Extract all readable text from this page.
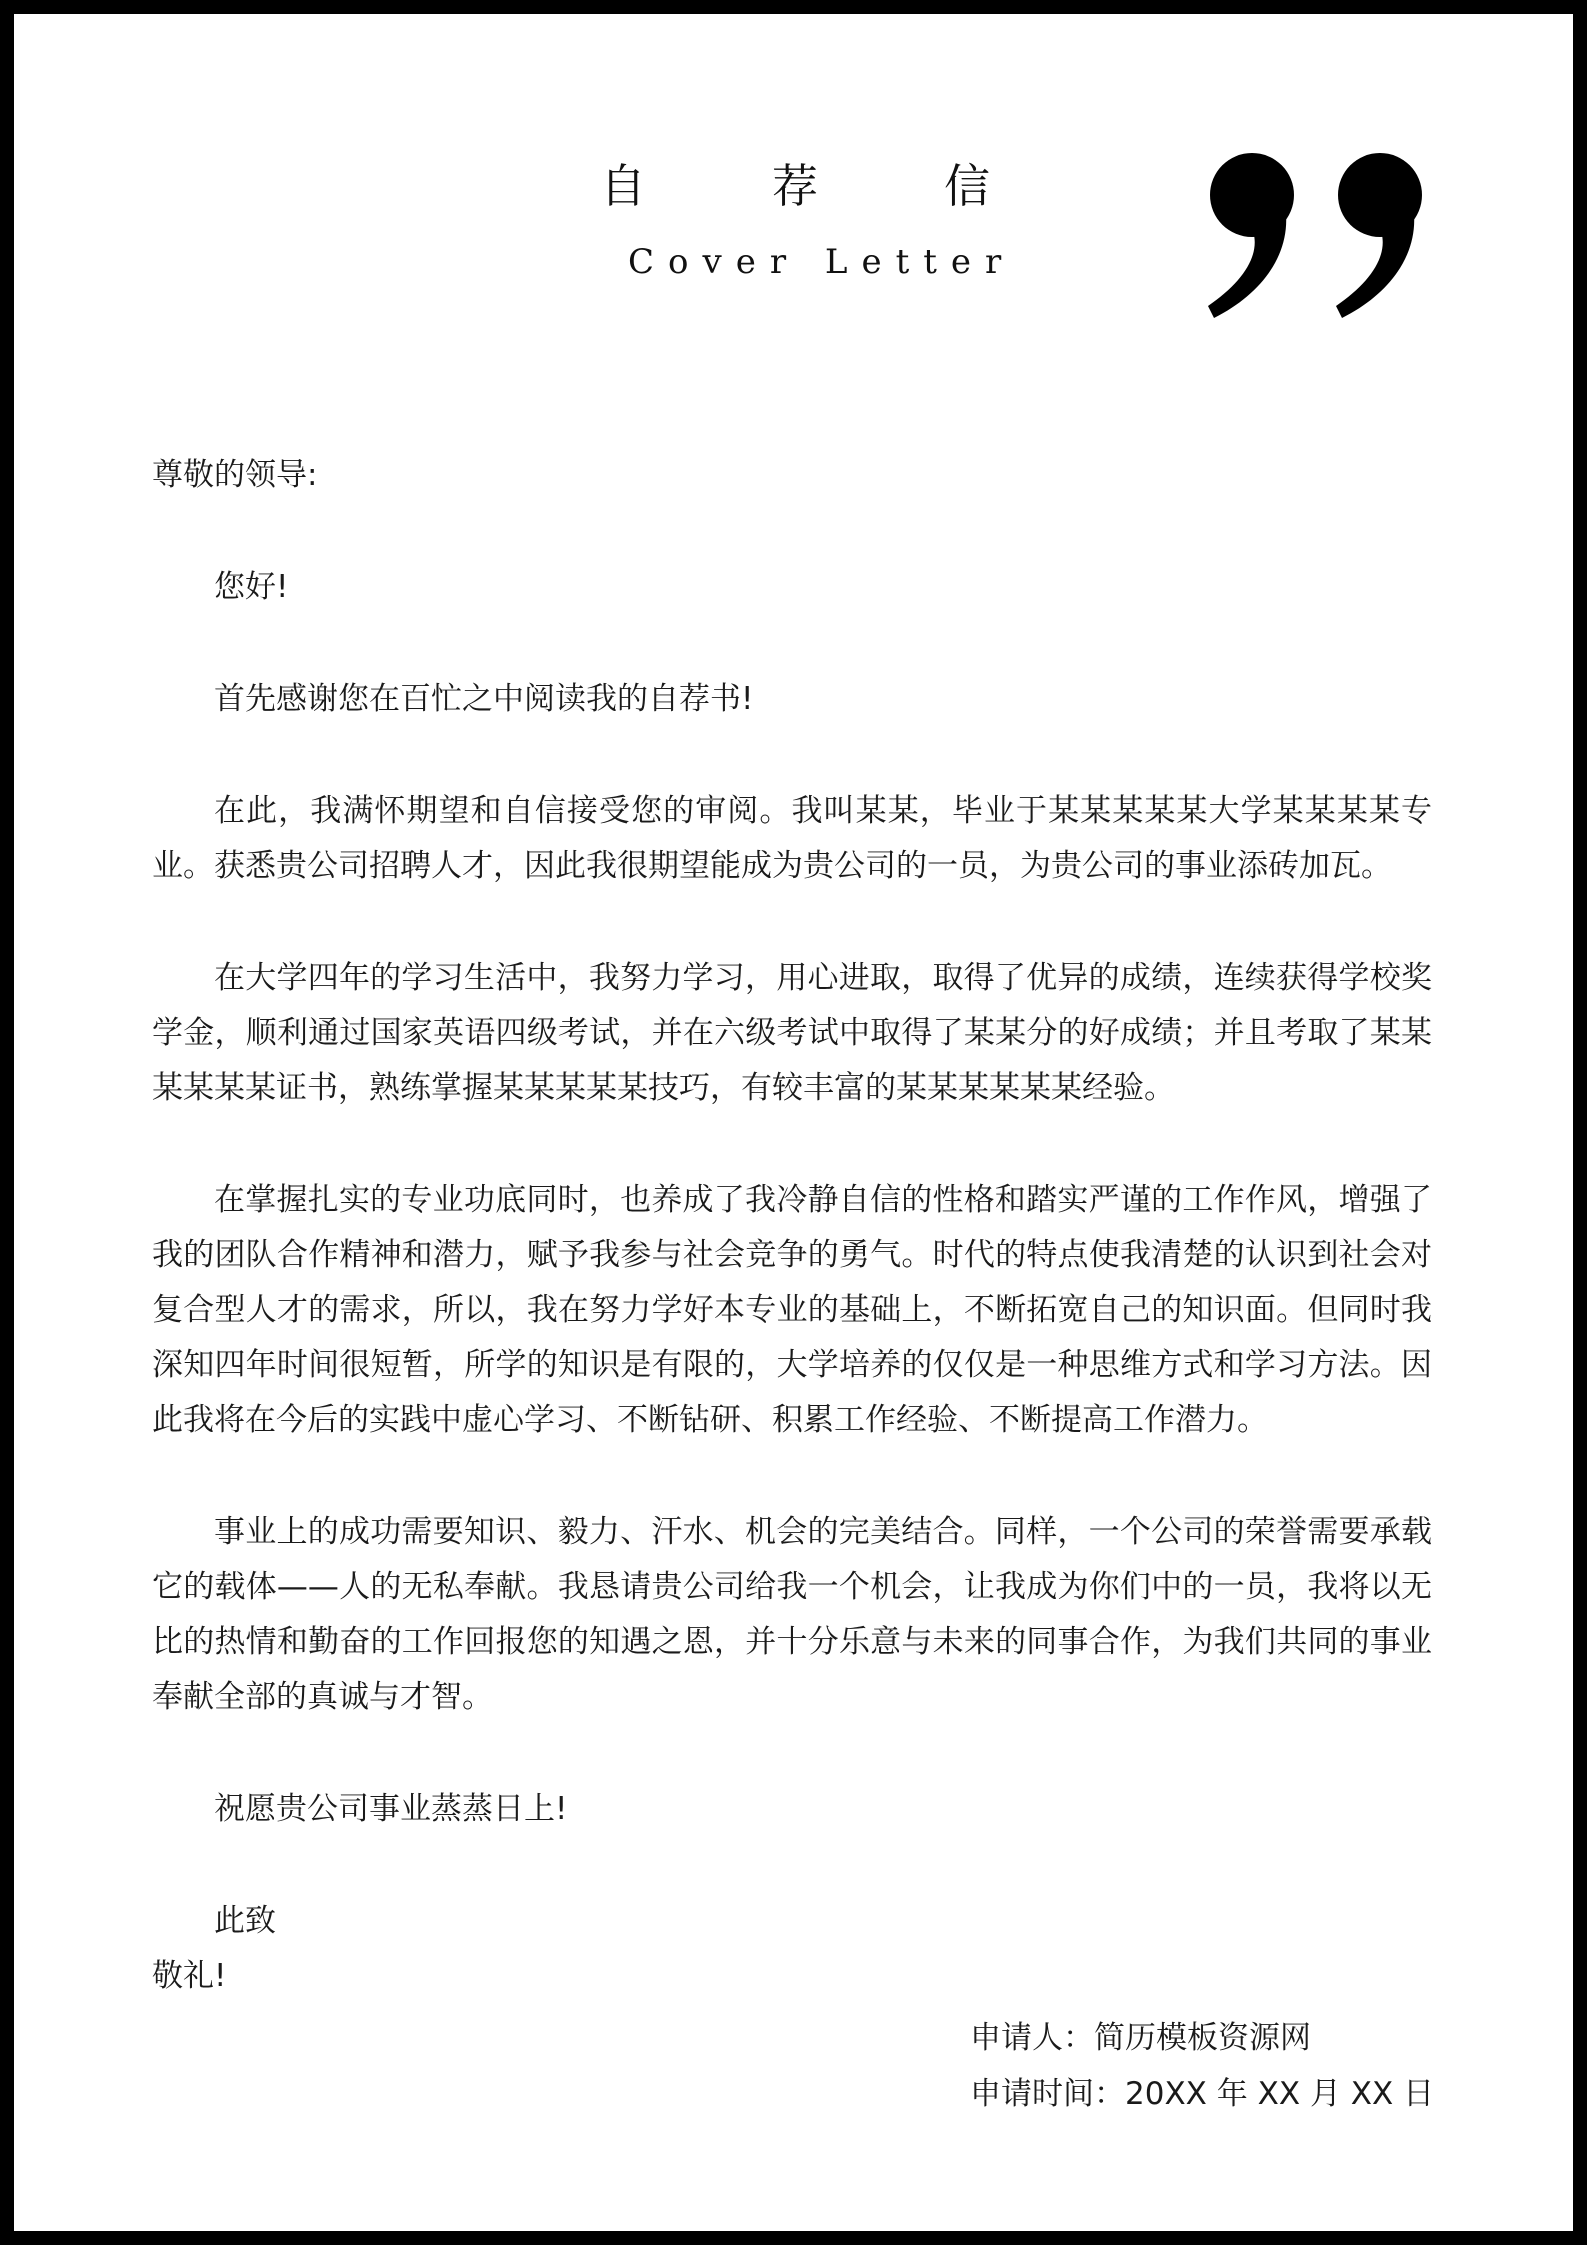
自	荐	信
Cover Letter

尊敬的领导:

您好!

首先感谢您在百忙之中阅读我的自荐书!

在此，我满怀期望和自信接受您的审阅。我叫某某，毕业于某某某某某大学某某某某专业。获悉贵公司招聘人才，因此我很期望能成为贵公司的一员，为贵公司的事业添砖加瓦。

在大学四年的学习生活中，我努力学习，用心进取，取得了优异的成绩，连续获得学校奖学金，顺利通过国家英语四级考试，并在六级考试中取得了某某分的好成绩；并且考取了某某某某某某证书，熟练掌握某某某某某技巧，有较丰富的某某某某某某经验。

在掌握扎实的专业功底同时，也养成了我冷静自信的性格和踏实严谨的工作作风，增强了我的团队合作精神和潜力，赋予我参与社会竞争的勇气。时代的特点使我清楚的认识到社会对复合型人才的需求，所以，我在努力学好本专业的基础上，不断拓宽自己的知识面。但同时我深知四年时间很短暂，所学的知识是有限的，大学培养的仅仅是一种思维方式和学习方法。因此我将在今后的实践中虚心学习、不断钻研、积累工作经验、不断提高工作潜力。

事业上的成功需要知识、毅力、汗水、机会的完美结合。同样，一个公司的荣誉需要承载它的载体——人的无私奉献。我恳请贵公司给我一个机会，让我成为你们中的一员，我将以无比的热情和勤奋的工作回报您的知遇之恩，并十分乐意与未来的同事合作，为我们共同的事业奉献全部的真诚与才智。

祝愿贵公司事业蒸蒸日上!

此致

敬礼!

申请人：简历模板资源网

申请时间：20XX 年 XX 月 XX 日
